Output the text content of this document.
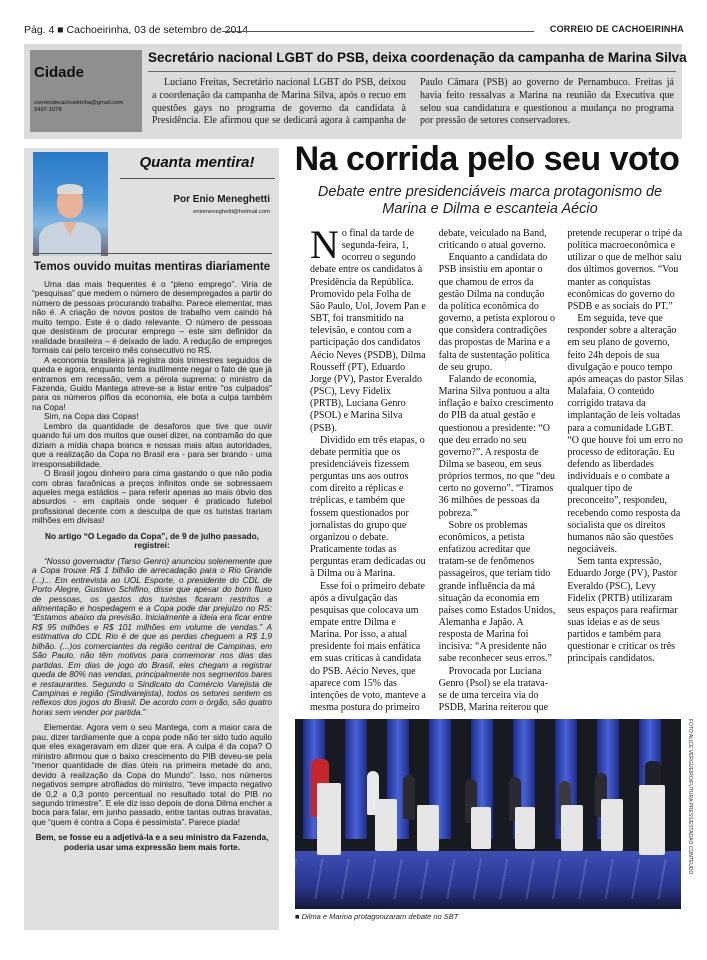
Pág. 4 ■ Cachoeirinha, 03 de setembro de 2014	CORREIO DE CACHOEIRINHA
Cidade
correiodecachoeirinha@gmail.com
3497-1078
Secretário nacional LGBT do PSB, deixa coordenação da campanha de Marina Silva
Luciano Freitas, Secretário nacional LGBT do PSB, deixou a coordenação da campanha de Marina Silva, após o recuo em questões gays no programa de governo da candidata à Presidência. Ele afirmou que se dedicará agora à campanha de Paulo Câmara (PSB) ao governo de Pernambuco. Freitas já havia feito ressalvas a Marina na reunião da Executiva que selou sua candidatura e questionou a mudança no programa por pressão de setores conservadores.
Quanta mentira!
Por Enio Meneghetti
eniomeneghetti@hotmail.com
Temos ouvido muitas mentiras diariamente

Uma das mais frequentes é o “pleno emprego”. Viria de “pesquisas” que medem o número de desempregados a partir do número de pessoas procurando trabalho. Parece elementar, mas não é. A criação de novos postos de trabalho vem caindo há muito tempo. Este é o dado relevante. O número de pessoas que desistiram de procurar emprego – este sim definidor da realidade brasileira – é deixado de lado. A redução de empregos formais cai pelo terceiro mês consecutivo no RS.

A economia brasileira já registra dois trimestres seguidos de queda e agora, enquanto tenta inutilmente negar o fato de que já entramos em recessão, vem a pérola suprema: o ministro da Fazenda, Guido Mantega atreve-se a listar entre "os culpados" para os números pífios da economia, ele bota a culpa também na Copa!

Sim, na Copa das Copas!

Lembro da quantidade de desaforos que tive que ouvir quando fui um dos muitos que ousei dizer, na contramão do que diziam a mídia chapa branca e nossas mais altas autoridades, que a realização da Copa no Brasil era - para ser brando - uma irresponsabilidade.

O Brasil jogou dinheiro para cima gastando o que não podia com obras faraônicas a preços infinitos onde se sobressaem aqueles mega estádios – para referir apenas ao mais óbvio dos absurdos - em capitais onde sequer é praticado futebol profissional decente com a desculpa de que os turistas trariam milhões em divisas!

No artigo “O Legado da Copa”, de 9 de julho passado, registrei:

“Nosso governador (Tarso Genro) anunciou solenemente que a Copa trouxe R$ 1 bilhão de arrecadação para o Rio Grande (...)... Em entrevista ao UOL Esporte, o presidente do CDL de Porto Alegre, Gustavo Schifino, disse que apesar do bom fluxo de pessoas, os gastos dos turistas ficaram restritos a alimentação e hospedagem e a Copa pode dar prejuízo no RS: “Estamos abaixo da previsão. Inicialmente a ideia era ficar entre R$ 95 milhões e R$ 101 milhões em volume de vendas.” A estimativa do CDL Rio é de que as perdas cheguem a R$ 1,9 bilhão. (...)os comerciantes da região central de Campinas, em São Paulo, não têm motivos para comemorar nos dias das partidas. Em dias de jogo do Brasil, eles chegam a registrar queda de 80% nas vendas, principalmente nos segmentos bares e restaurantes. Segundo o Sindicato do Comércio Varejista de Campinas e região (Sindivarejista), todos os setores sentem os reflexos dos jogos do Brasil. De acordo com o órgão, são quatro horas sem vender por partida.”

Elementar. Agora vem o seu Mantega, com a maior cara de pau, dizer tardiamente que a copa pode não ter sido tudo aquilo que eles exageravam em dizer que era. A culpa é da copa? O ministro afirmou que o baixo crescimento do PIB deveu-se pela “menor quantidade de dias úteis na primeira metade do ano, devido à realização da Copa do Mundo”. Isso, nos números negativos sempre atrofiados do ministro, “teve impacto negativo de 0,2 a 0,3 ponto percentual no resultado total do PIB no segundo trimestre”. E ele diz isso depois de dona Dilma encher a boca para falar, em junho passado, entre tantas outras bravatas, que “quem é contra a Copa é pessimista”. Parece piada!

Bem, se fosse eu a adjetivá-la e a seu ministro da Fazenda, poderia usar uma expressão bem mais forte.

Na corrida pelo seu voto
Debate entre presidenciáveis marca protagonismo de Marina e Dilma e escanteia Aécio

No final da tarde de segunda-feira, 1, ocorreu o segundo debate entre os candidatos à Presidência da República. Promovido pela Folha de São Paulo, Uol, Jovem Pan e SBT, foi transmitido na televisão, e contou com a participação dos candidatos Aécio Neves (PSDB), Dilma Rousseff (PT), Eduardo Jorge (PV), Pastor Everaldo (PSC), Levy Fidelix (PRTB), Luciana Genro (PSOL) e Marina Silva (PSB).

Dividido em três etapas, o debate permitia que os presidenciáveis fizessem perguntas uns aos outros com direito a réplicas e tréplicas, e também que fossem questionados por jornalistas do grupo que organizou o debate. Praticamente todas as perguntas eram dedicadas ou à Dilma ou à Marina.

Esse foi o primeiro debate após a divulgação das pesquisas que colocava um empate entre Dilma e Marina. Por isso, a atual presidente foi mais enfática em suas críticas à candidata do PSB. Aécio Neves, que aparece com 15% das intenções de voto, manteve a mesma postura do primeiro debate, veiculado na Band, criticando o atual governo.

Enquanto a candidata do PSB insistiu em apontar o que chamou de erros da gestão Dilma na condução da política econômica do governo, a petista explorou o que considera contradições das propostas de Marina e a falta de sustentação política de seu grupo.

Falando de economia, Marina Silva pontuou a alta inflação e baixo crescimento do PIB da atual gestão e questionou a presidente: “O que deu errado no seu governo?”. A resposta de Dilma se baseou, em seus próprios termos, no que “deu certo no governo”. “Tiramos 36 milhões de pessoas da pobreza.”

Sobre os problemas econômicos, a petista enfatizou acreditar que tratam-se de fenômenos passageiros, que teriam tido grande influência da má situação da economia em países como Estados Unidos, Alemanha e Japão. A resposta de Marina foi incisiva: “A presidente não sabe reconhecer seus erros.”

Provocada por Luciana Genro (Psol) se ela tratava-se de uma terceira via do PSDB, Marina reiterou que pretende recuperar o tripé da política macroeconômica e utilizar o que de melhor saiu dos últimos governos. “Vou manter as conquistas econômicas do governo do PSDB e as sociais do PT.”

Em seguida, teve que responder sobre a alteração em seu plano de governo, feito 24h depois de sua divulgação e pouco tempo após ameaças do pastor Silas Malafaia. O conteúdo corrigido tratava da implantação de leis voltadas para a comunidade LGBT. “O que houve foi um erro no processo de editoração. Eu defendo as liberdades individuais e o combate a qualquer tipo de preconceito”, respondeu, recebendo como resposta da socialista que os direitos humanos não são questões negociáveis.

Sem tanta expressão, Eduardo Jorge (PV), Pastor Everaldo (PSC), Levy Fidelix (PRTB) utilizaram seus espaços para reafirmar suas ideias e as de seus partidos e também para questionar e criticar os três principais candidatos.

FOTO ALICE VERGUEIRO/FUTURA PRESS/ESTADÃO CONTEÚDO
■ Dilma e Marina protagonizaram debate no SBT
